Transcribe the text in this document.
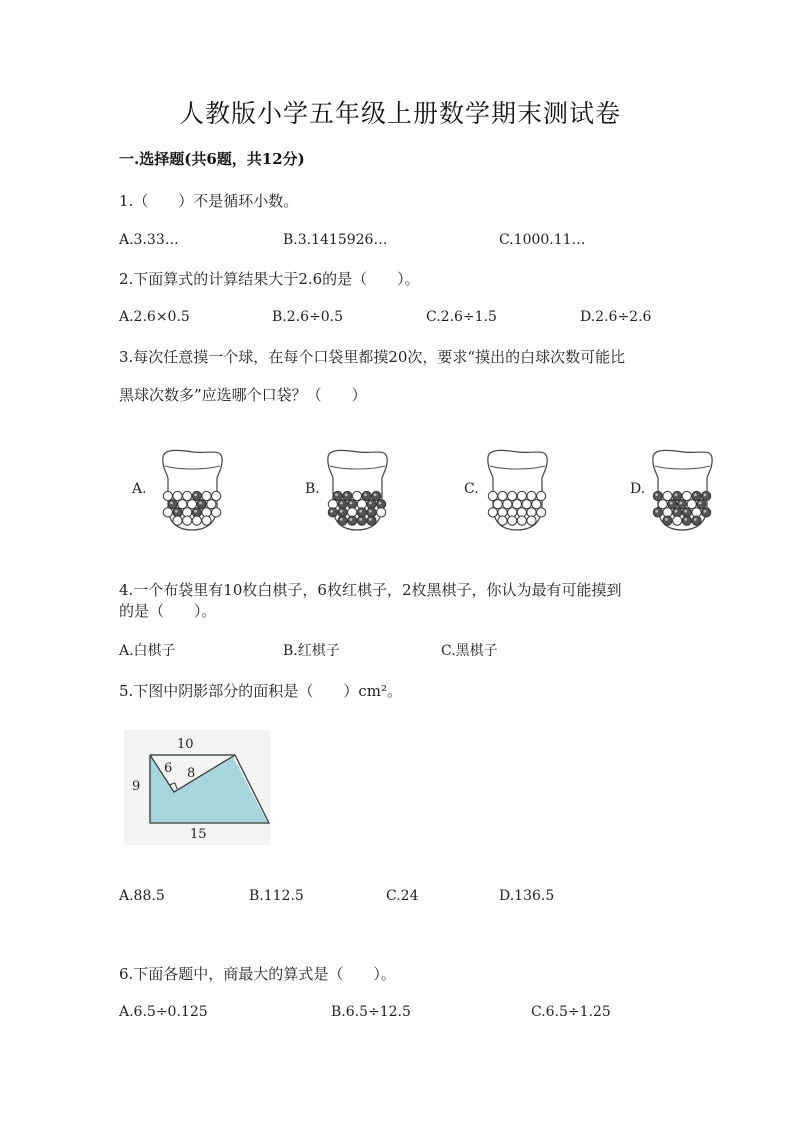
人教版小学五年级上册数学期末测试卷
一.选择题(共6题，共12分)
1.（　　）不是循环小数。
A.3.33…	B.3.1415926…	C.1000.11…
2.下面算式的计算结果大于2.6的是（　　）。
A.2.6×0.5	B.2.6÷0.5	C.2.6÷1.5	D.2.6÷2.6
3.每次任意摸一个球，在每个口袋里都摸20次，要求“摸出的白球次数可能比
黑球次数多”应选哪个口袋？（　　）
A.	B.	C.	D.
4.一个布袋里有10枚白棋子，6枚红棋子，2枚黑棋子，你认为最有可能摸到
的是（　　）。
A.白棋子	B.红棋子	C.黑棋子
5.下图中阴影部分的面积是（　　）cm²。
10
9
15
6 8
A.88.5	B.112.5	C.24	D.136.5
6.下面各题中，商最大的算式是（　　）。
A.6.5÷0.125	B.6.5÷12.5	C.6.5÷1.25
